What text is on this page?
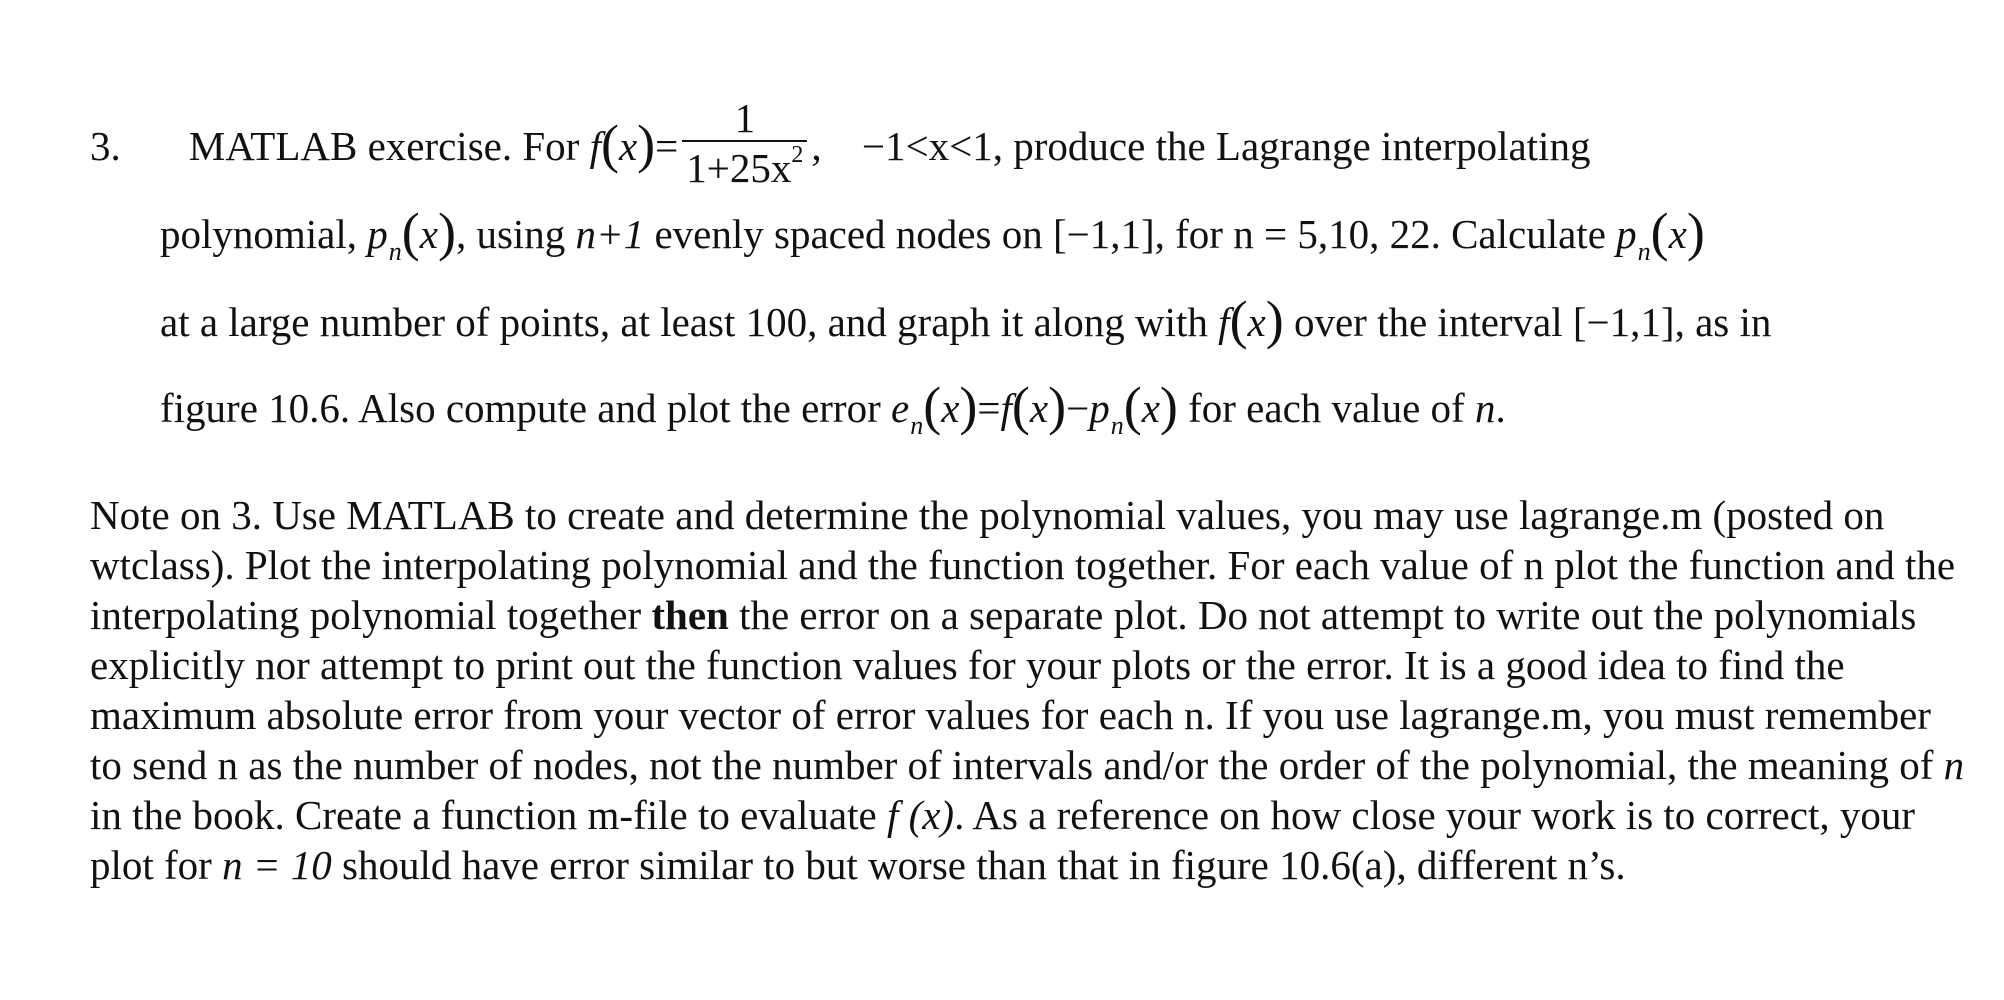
3. MATLAB exercise. For $f(x)= \frac{1}{1+25x^2}$ , −1<x<1, produce the Lagrange interpolating
polynomial, $p_n(x)$, using n+1 evenly spaced nodes on [−1,1], for n = 5,10, 22. Calculate $p_n(x)$
at a large number of points, at least 100, and graph it along with f(x) over the interval [−1,1], as in
figure 10.6. Also compute and plot the error $e_n(x)=f(x)-p_n(x)$ for each value of n.

Note on 3. Use MATLAB to create and determine the polynomial values, you may use lagrange.m (posted on wtclass). Plot the interpolating polynomial and the function together. For each value of n plot the function and the interpolating polynomial together then the error on a separate plot. Do not attempt to write out the polynomials explicitly nor attempt to print out the function values for your plots or the error. It is a good idea to find the maximum absolute error from your vector of error values for each n. If you use lagrange.m, you must remember to send n as the number of nodes, not the number of intervals and/or the order of the polynomial, the meaning of n in the book. Create a function m-file to evaluate f (x). As a reference on how close your work is to correct, your plot for n = 10 should have error similar to but worse than that in figure 10.6(a), different n’s.
